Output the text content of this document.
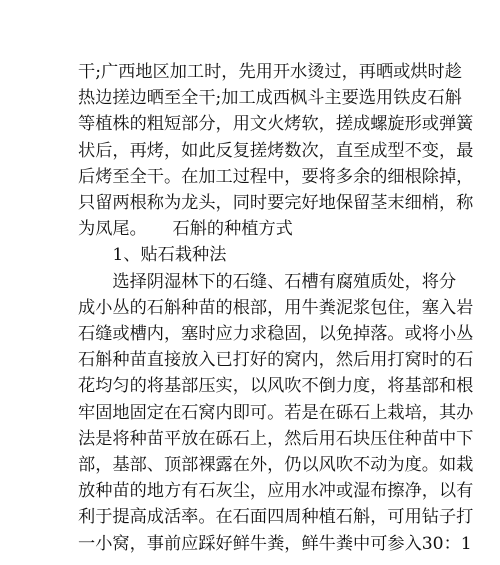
干;广西地区加工时，先用开水烫过，再晒或烘时趁
热边搓边晒至全干;加工成西枫斗主要选用铁皮石斛
等植株的粗短部分，用文火烤软，搓成螺旋形或弹簧
状后，再烤，如此反复搓烤数次，直至成型不变，最
后烤至全干。在加工过程中，要将多余的细根除掉，
只留两根称为龙头，同时要完好地保留茎末细梢，称
为凤尾。　　石斛的种植方式
　　1、贴石栽种法
　　选择阴湿林下的石缝、石槽有腐殖质处，将分
成小丛的石斛种苗的根部，用牛粪泥浆包住，塞入岩
石缝或槽内，塞时应力求稳固，以免掉落。或将小丛
石斛种苗直接放入已打好的窝内，然后用打窝时的石
花均匀的将基部压实，以风吹不倒力度，将基部和根
牢固地固定在石窝内即可。若是在砾石上栽培，其办
法是将种苗平放在砾石上，然后用石块压住种苗中下
部，基部、顶部裸露在外，仍以风吹不动为度。如栽
放种苗的地方有石灰尘，应用水冲或湿布擦净，以有
利于提高成活率。在石面四周种植石斛，可用钻子打
一小窝，事前应踩好鲜牛粪，鲜牛粪中可参入30：1
